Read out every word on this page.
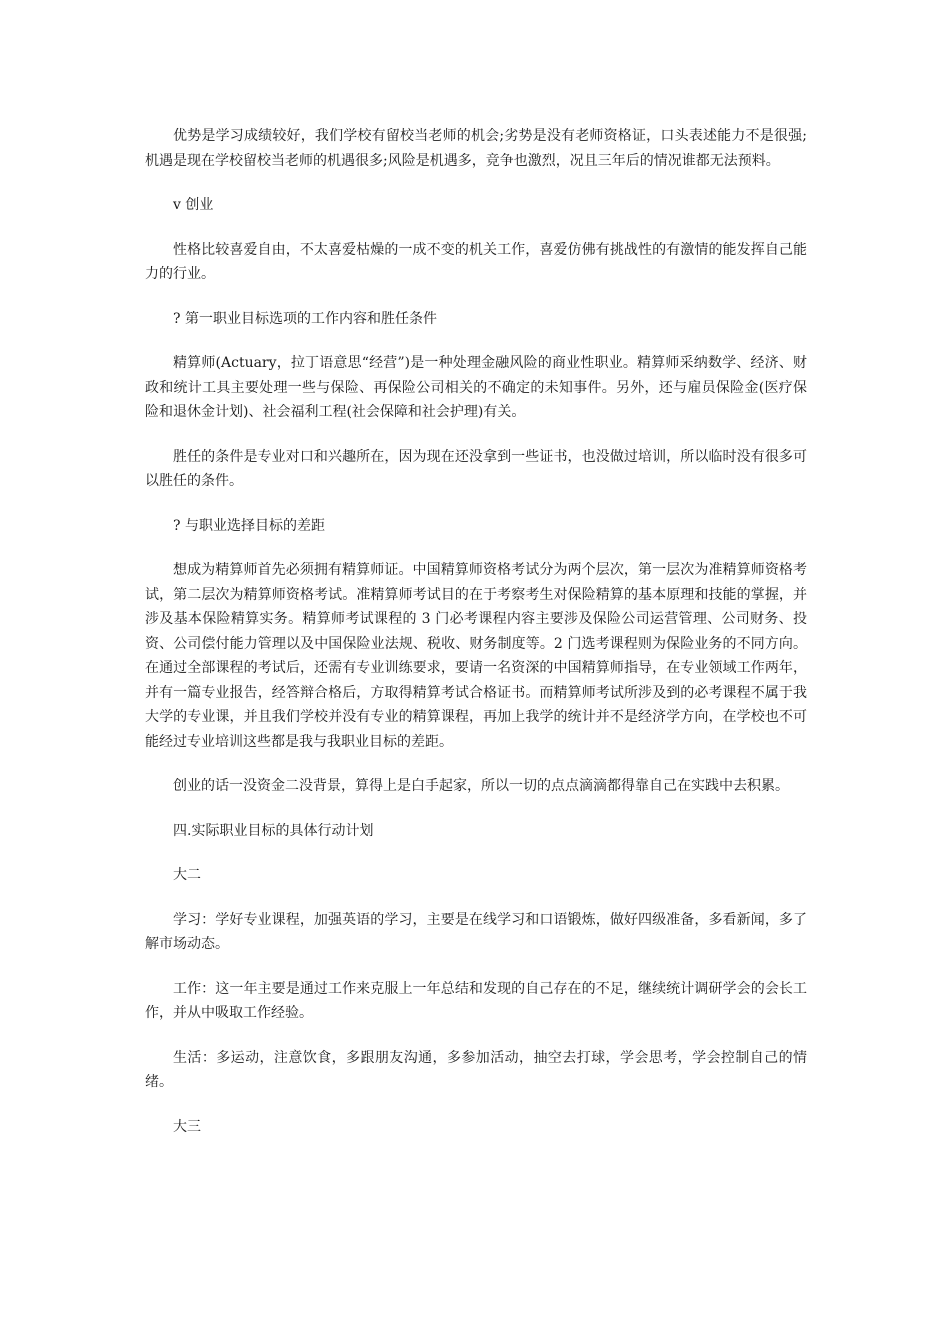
优势是学习成绩较好，我们学校有留校当老师的机会;劣势是没有老师资格证，口头表述能力不是很强;机遇是现在学校留校当老师的机遇很多;风险是机遇多，竞争也激烈，况且三年后的情况谁都无法预料。

v 创业

性格比较喜爱自由，不太喜爱枯燥的一成不变的机关工作，喜爱仿佛有挑战性的有激情的能发挥自己能力的行业。

? 第一职业目标选项的工作内容和胜任条件

精算师(Actuary，拉丁语意思“经营”)是一种处理金融风险的商业性职业。精算师采纳数学、经济、财政和统计工具主要处理一些与保险、再保险公司相关的不确定的未知事件。另外，还与雇员保险金(医疗保险和退休金计划)、社会福利工程(社会保障和社会护理)有关。

胜任的条件是专业对口和兴趣所在，因为现在还没拿到一些证书，也没做过培训，所以临时没有很多可以胜任的条件。

? 与职业选择目标的差距

想成为精算师首先必须拥有精算师证。中国精算师资格考试分为两个层次，第一层次为准精算师资格考试，第二层次为精算师资格考试。准精算师考试目的在于考察考生对保险精算的基本原理和技能的掌握，并涉及基本保险精算实务。精算师考试课程的 3 门必考课程内容主要涉及保险公司运营管理、公司财务、投资、公司偿付能力管理以及中国保险业法规、税收、财务制度等。2 门选考课程则为保险业务的不同方向。在通过全部课程的考试后，还需有专业训练要求，要请一名资深的中国精算师指导，在专业领域工作两年，并有一篇专业报告，经答辩合格后，方取得精算考试合格证书。而精算师考试所涉及到的必考课程不属于我大学的专业课，并且我们学校并没有专业的精算课程，再加上我学的统计并不是经济学方向，在学校也不可能经过专业培训这些都是我与我职业目标的差距。

创业的话一没资金二没背景，算得上是白手起家，所以一切的点点滴滴都得靠自己在实践中去积累。

四.实际职业目标的具体行动计划

大二

学习：学好专业课程，加强英语的学习，主要是在线学习和口语锻炼，做好四级准备，多看新闻，多了解市场动态。

工作：这一年主要是通过工作来克服上一年总结和发现的自己存在的不足，继续统计调研学会的会长工作，并从中吸取工作经验。

生活：多运动，注意饮食，多跟朋友沟通，多参加活动，抽空去打球，学会思考，学会控制自己的情绪。

大三
